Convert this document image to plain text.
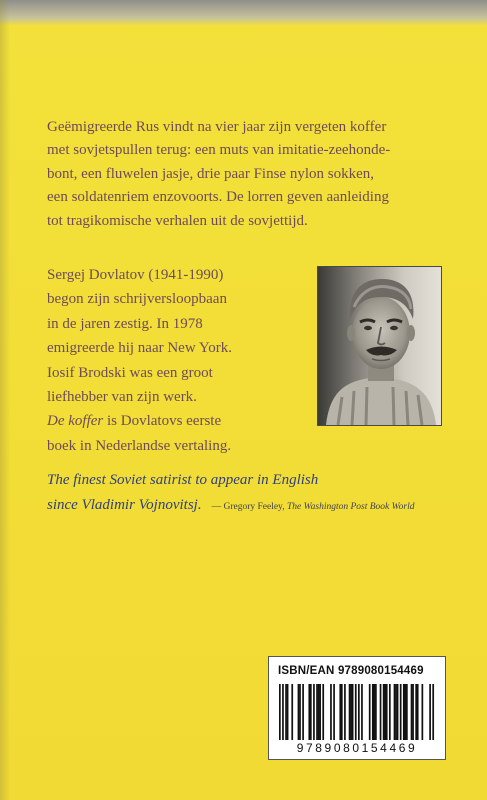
Geëmigreerde Rus vindt na vier jaar zijn vergeten koffer
met sovjetspullen terug: een muts van imitatie-zeehonde-
bont, een fluwelen jasje, drie paar Finse nylon sokken,
een soldatenriem enzovoorts. De lorren geven aanleiding
tot tragikomische verhalen uit de sovjettijd.
Sergej Dovlatov (1941-1990)
begon zijn schrijversloopbaan
in de jaren zestig. In 1978
emigreerde hij naar New York.
Iosif Brodski was een groot
liefhebber van zijn werk.
De koffer is Dovlatovs eerste
boek in Nederlandse vertaling.
The finest Soviet satirist to appear in English
since Vladimir Vojnovitsj. — Gregory Feeley, The Washington Post Book World
ISBN/EAN 9789080154469
9789080154469
